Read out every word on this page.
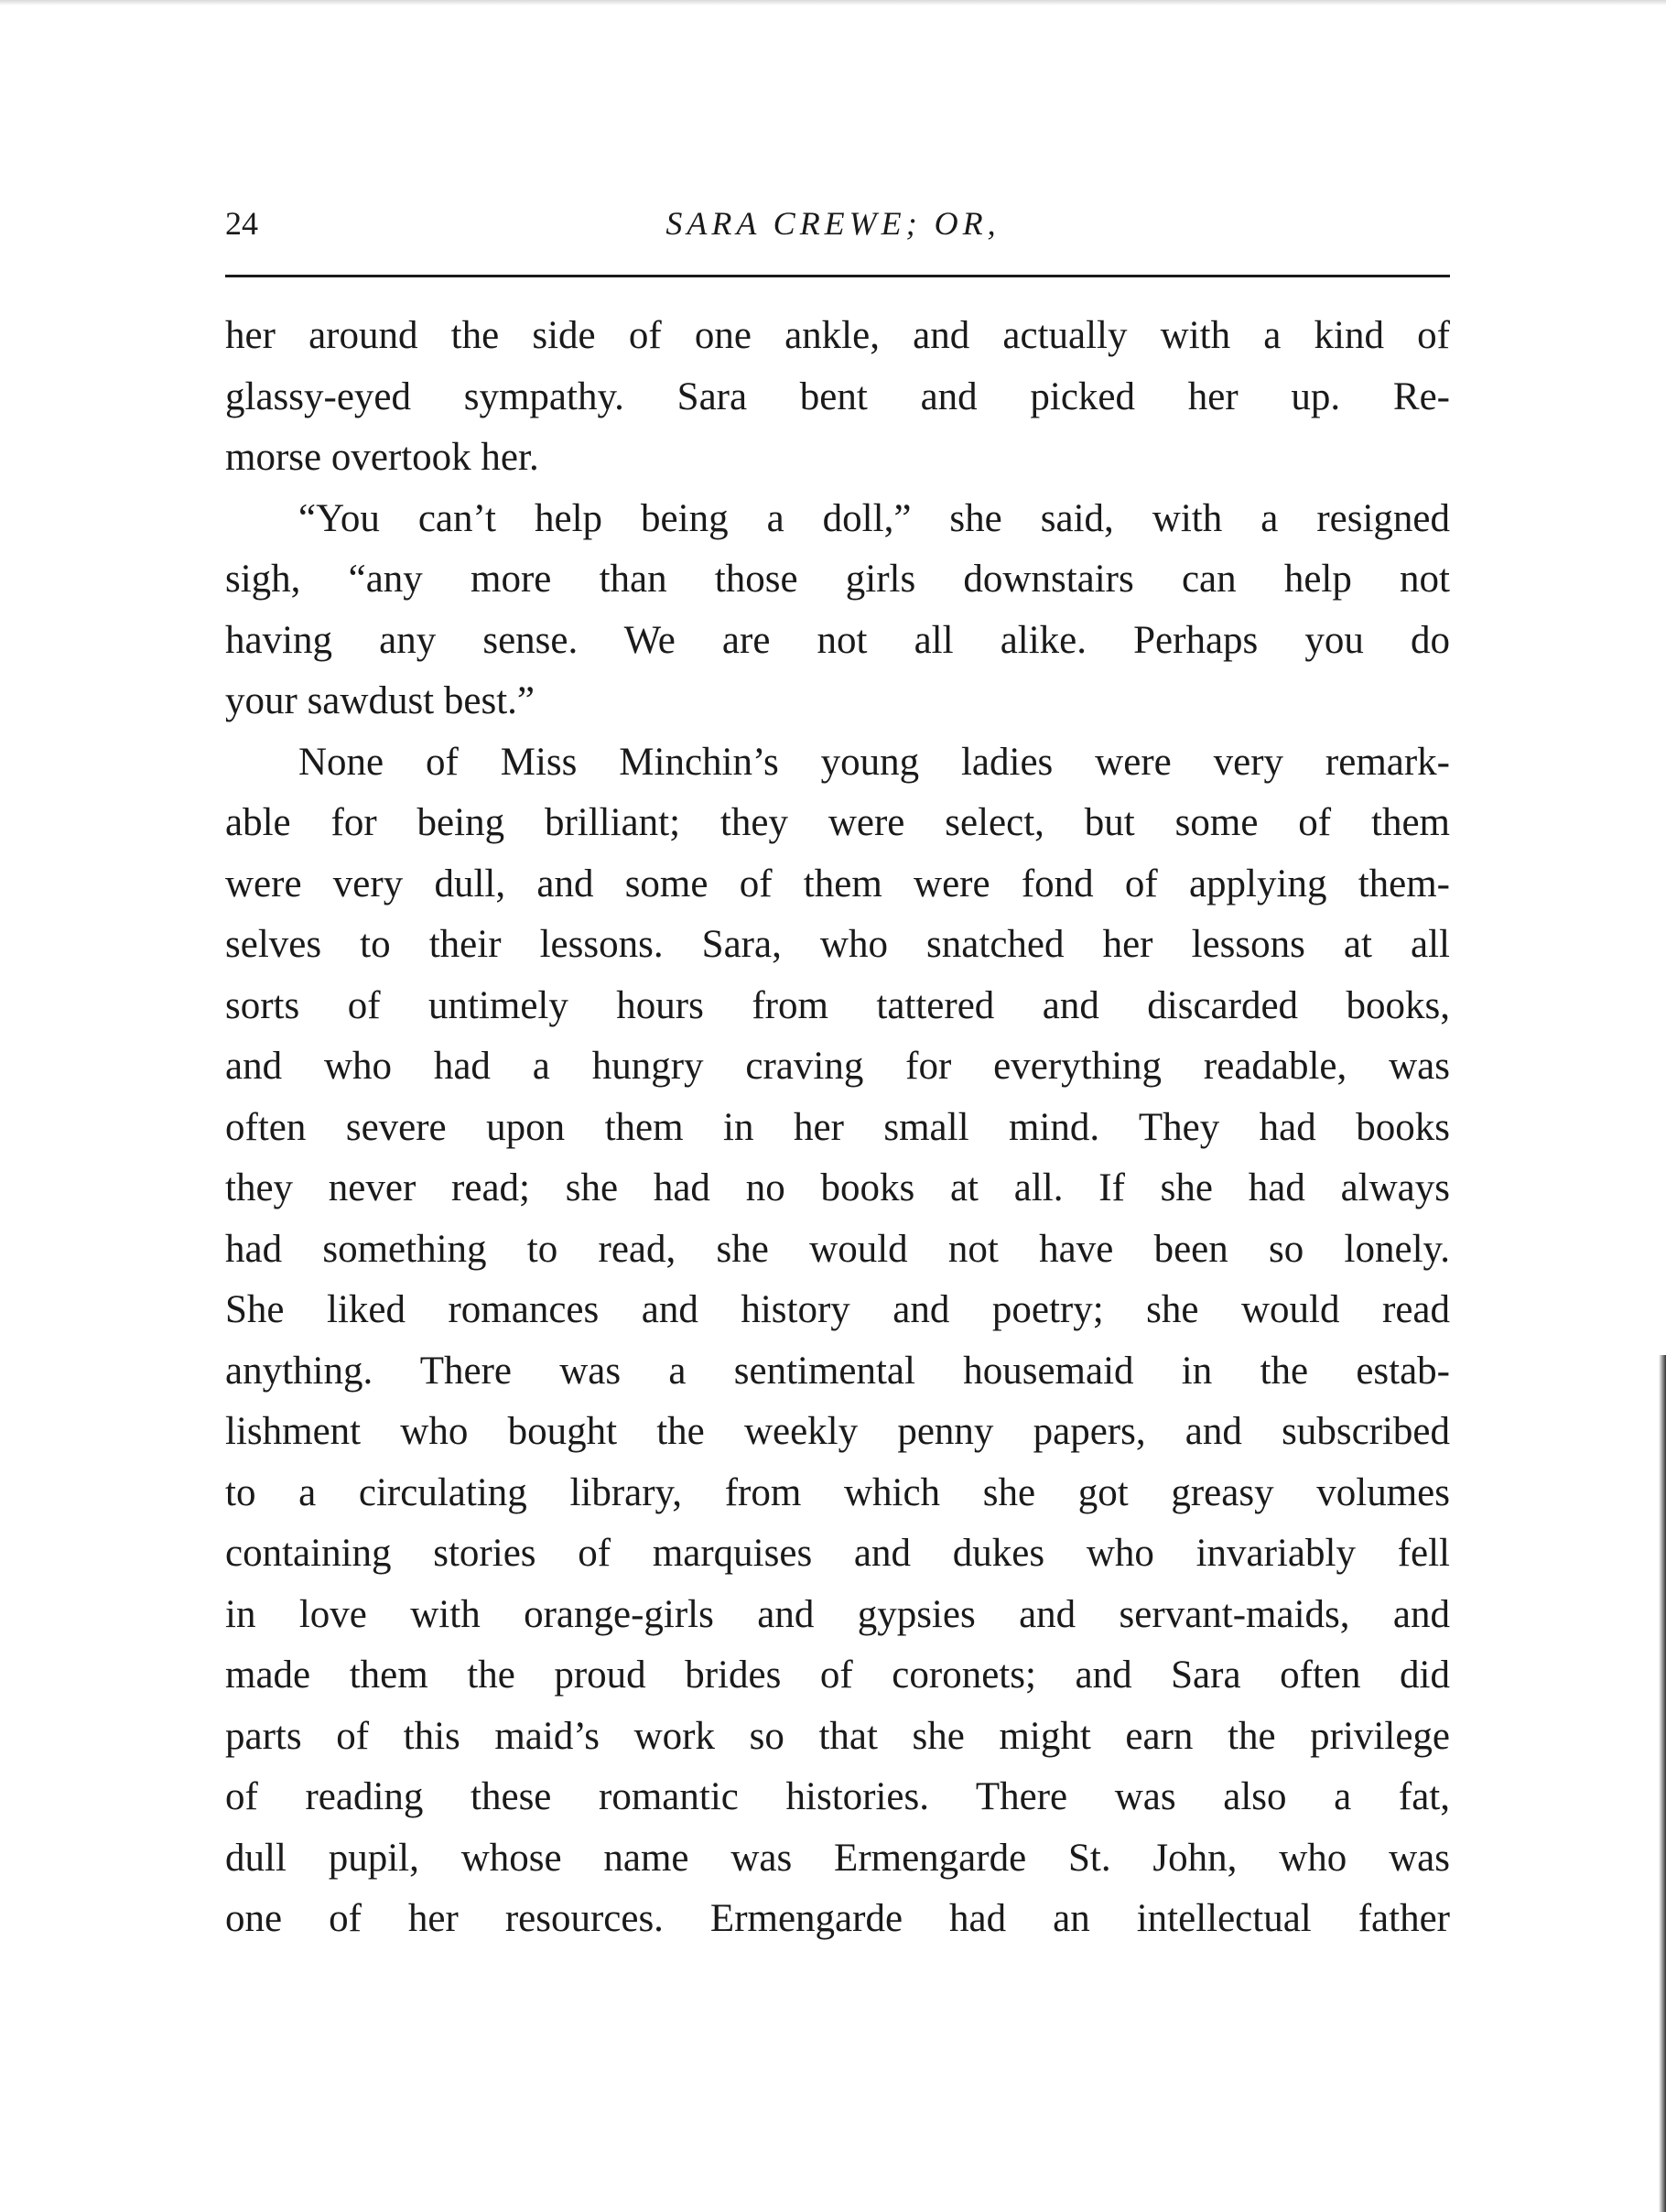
24	SARA CREWE; OR,
her around the side of one ankle, and actually with a kind of
glassy-eyed sympathy. Sara bent and picked her up. Re-
morse overtook her.
“You can’t help being a doll,” she said, with a resigned
sigh, “any more than those girls downstairs can help not
having any sense. We are not all alike. Perhaps you do
your sawdust best.”
None of Miss Minchin’s young ladies were very remark-
able for being brilliant; they were select, but some of them
were very dull, and some of them were fond of applying them-
selves to their lessons. Sara, who snatched her lessons at all
sorts of untimely hours from tattered and discarded books,
and who had a hungry craving for everything readable, was
often severe upon them in her small mind. They had books
they never read; she had no books at all. If she had always
had something to read, she would not have been so lonely.
She liked romances and history and poetry; she would read
anything. There was a sentimental housemaid in the estab-
lishment who bought the weekly penny papers, and subscribed
to a circulating library, from which she got greasy volumes
containing stories of marquises and dukes who invariably fell
in love with orange-girls and gypsies and servant-maids, and
made them the proud brides of coronets; and Sara often did
parts of this maid’s work so that she might earn the privilege
of reading these romantic histories. There was also a fat,
dull pupil, whose name was Ermengarde St. John, who was
one of her resources. Ermengarde had an intellectual father
